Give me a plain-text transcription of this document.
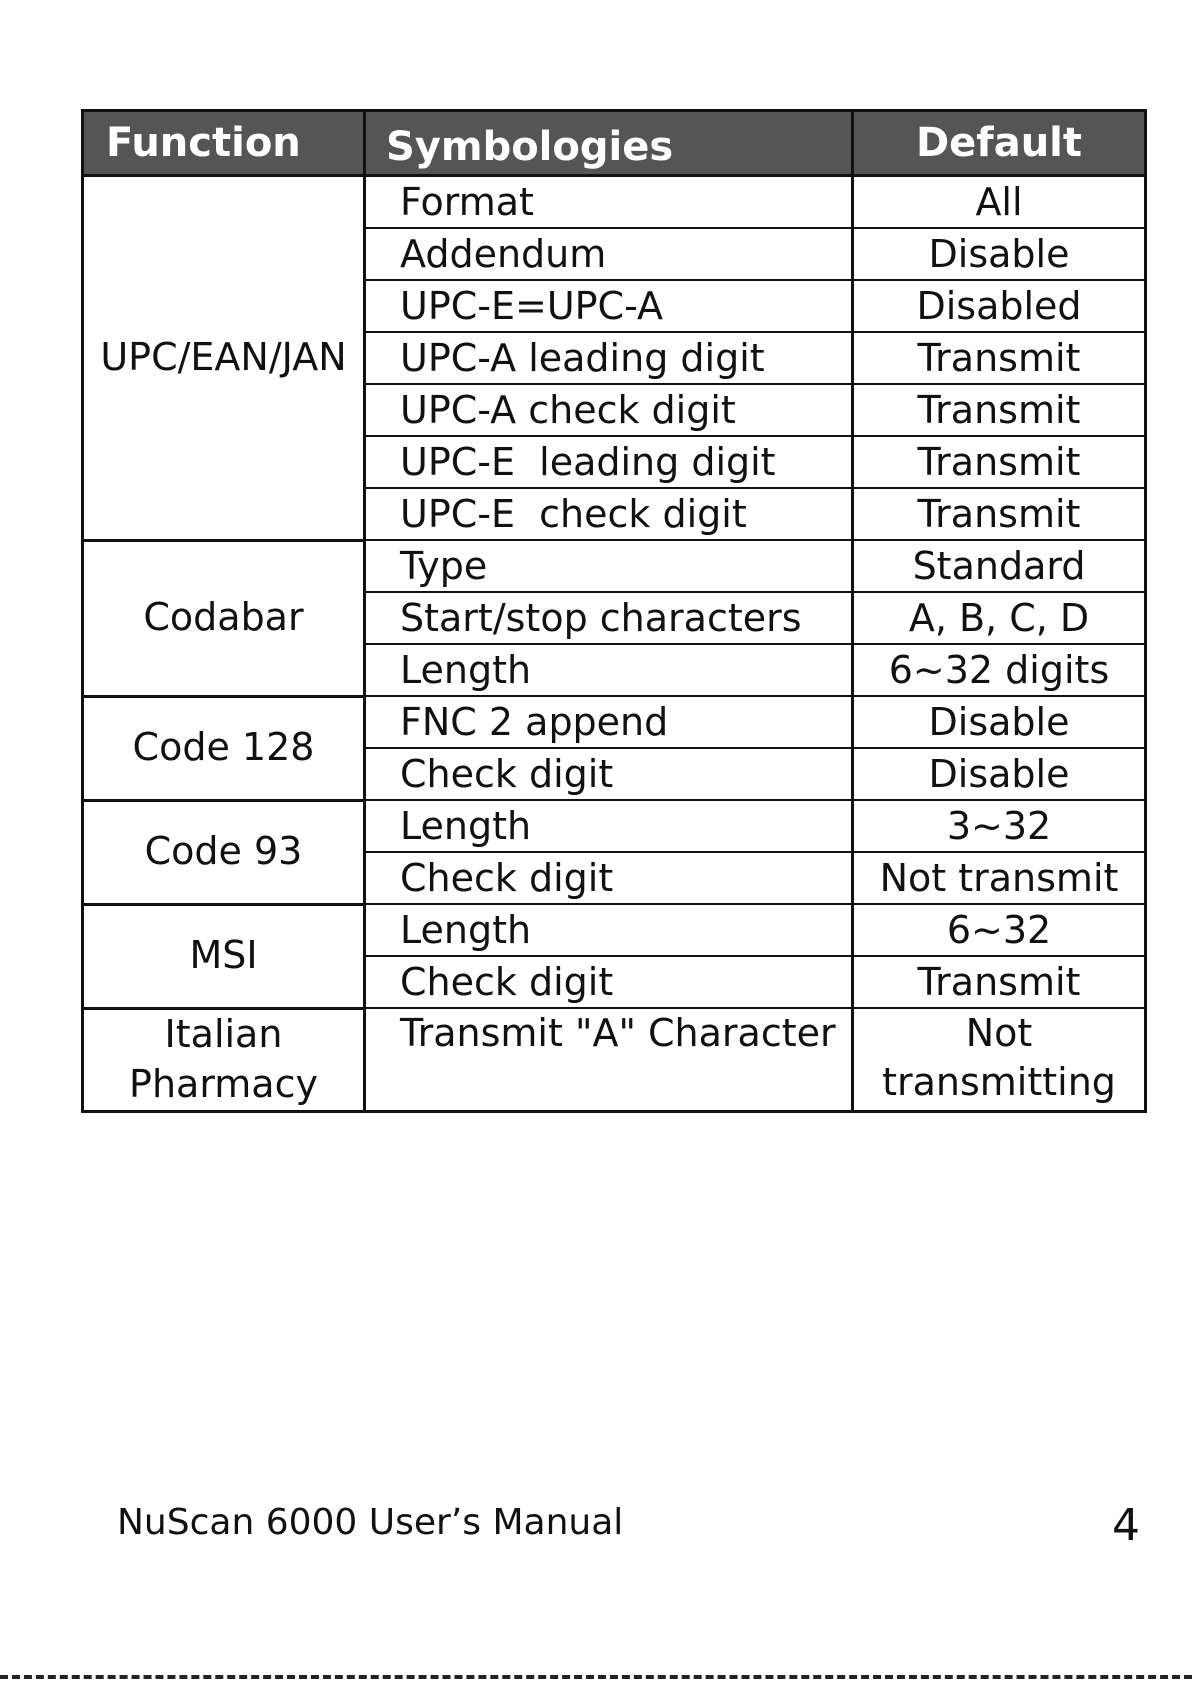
Function	Symbologies	Default
UPC/EAN/JAN	Format	All
	Addendum	Disable
	UPC-E=UPC-A	Disabled
	UPC-A leading digit	Transmit
	UPC-A check digit	Transmit
	UPC-E  leading digit	Transmit
	UPC-E  check digit	Transmit
Codabar	Type	Standard
	Start/stop characters	A, B, C, D
	Length	6~32 digits
Code 128	FNC 2 append	Disable
	Check digit	Disable
Code 93	Length	3~32
	Check digit	Not transmit
MSI	Length	6~32
	Check digit	Transmit
Italian Pharmacy	Transmit "A" Character	Not transmitting
NuScan 6000 User’s Manual	4
